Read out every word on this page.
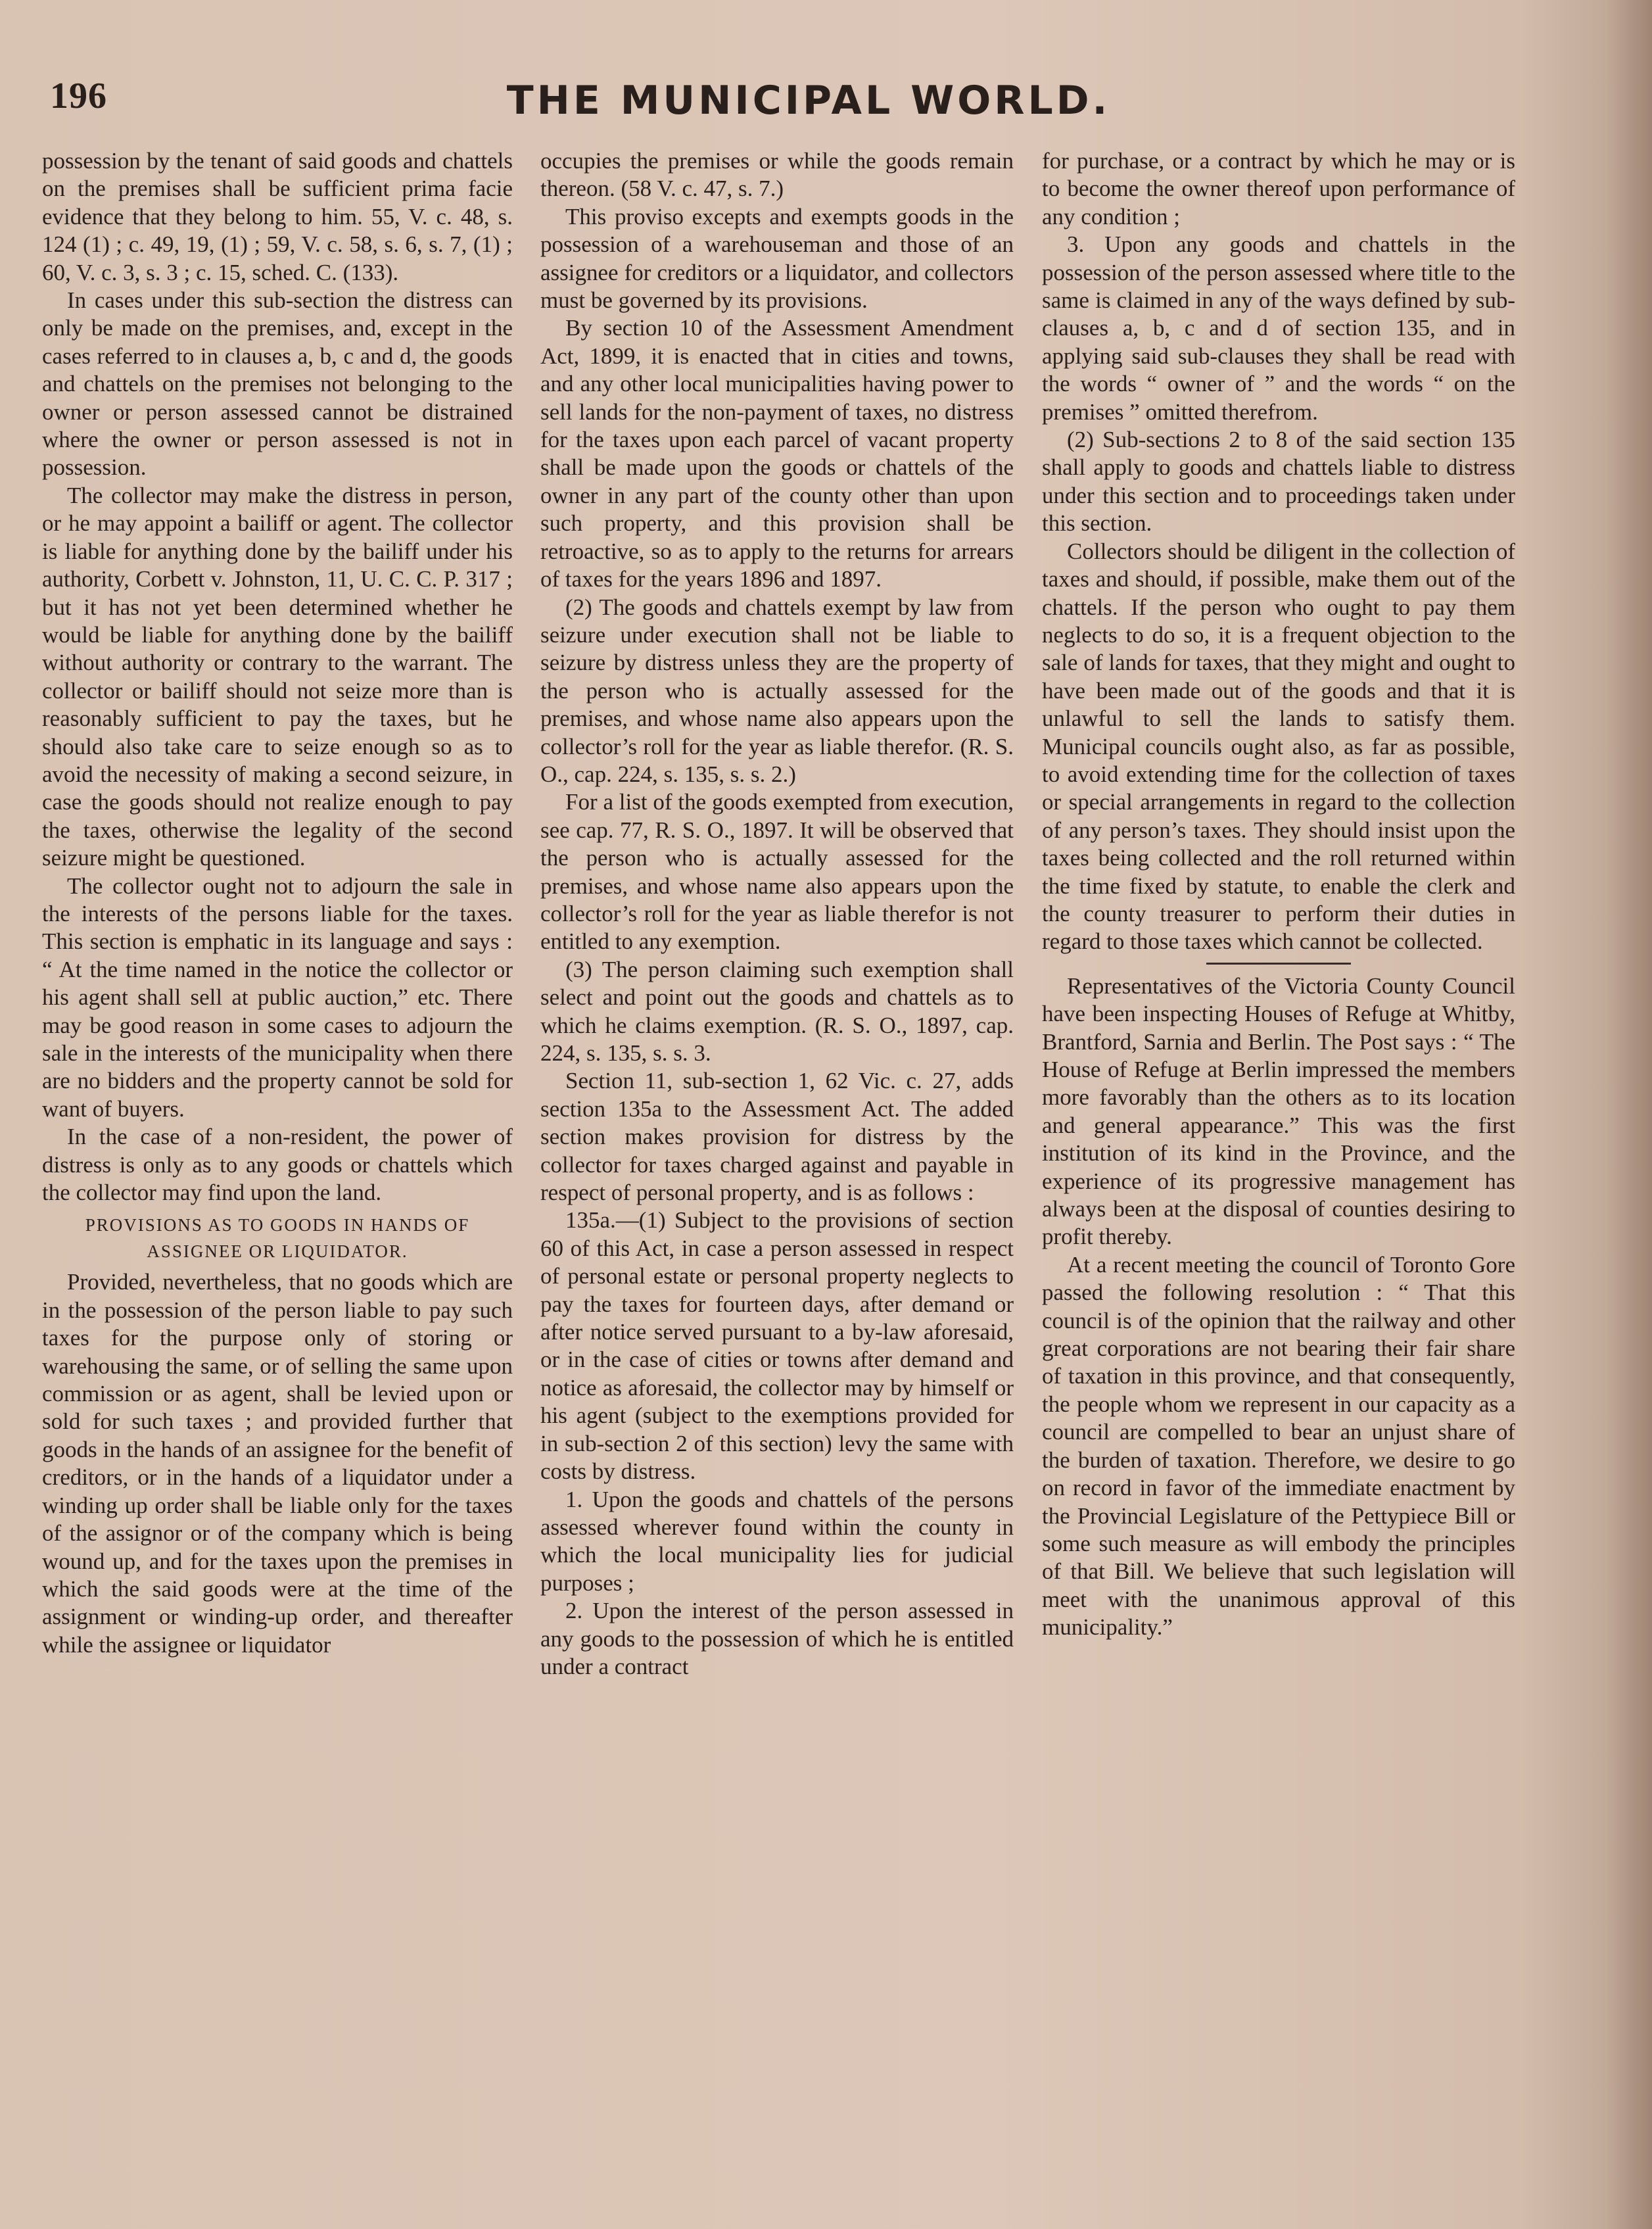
196	THE MUNICIPAL WORLD.

possession by the tenant of said goods and chattels on the premises shall be sufficient prima facie evidence that they belong to him. 55, V. c. 48, s. 124 (1) ; c. 49, 19, (1) ; 59, V. c. 58, s. 6, s. 7, (1) ; 60, V. c. 3, s. 3 ; c. 15, sched. C. (133).

In cases under this sub-section the distress can only be made on the premises, and, except in the cases referred to in clauses a, b, c and d, the goods and chattels on the premises not belonging to the owner or person assessed cannot be distrained where the owner or person assessed is not in possession.

The collector may make the distress in person, or he may appoint a bailiff or agent. The collector is liable for anything done by the bailiff under his authority, Corbett v. Johnston, 11, U. C. C. P. 317 ; but it has not yet been determined whether he would be liable for anything done by the bailiff without authority or contrary to the warrant. The collector or bailiff should not seize more than is reasonably sufficient to pay the taxes, but he should also take care to seize enough so as to avoid the necessity of making a second seizure, in case the goods should not realize enough to pay the taxes, otherwise the legality of the second seizure might be questioned.

The collector ought not to adjourn the sale in the interests of the persons liable for the taxes. This section is emphatic in its language and says : “ At the time named in the notice the collector or his agent shall sell at public auction,” etc. There may be good reason in some cases to adjourn the sale in the interests of the municipality when there are no bidders and the property cannot be sold for want of buyers.

In the case of a non-resident, the power of distress is only as to any goods or chattels which the collector may find upon the land.

PROVISIONS AS TO GOODS IN HANDS OF ASSIGNEE OR LIQUIDATOR.

Provided, nevertheless, that no goods which are in the possession of the person liable to pay such taxes for the purpose only of storing or warehousing the same, or of selling the same upon commission or as agent, shall be levied upon or sold for such taxes ; and provided further that goods in the hands of an assignee for the benefit of creditors, or in the hands of a liquidator under a winding up order shall be liable only for the taxes of the assignor or of the company which is being wound up, and for the taxes upon the premises in which the said goods were at the time of the assignment or winding-up order, and thereafter while the assignee or liquidator

occupies the premises or while the goods remain thereon. (58 V. c. 47, s. 7.)

This proviso excepts and exempts goods in the possession of a warehouseman and those of an assignee for creditors or a liquidator, and collectors must be governed by its provisions.

By section 10 of the Assessment Amendment Act, 1899, it is enacted that in cities and towns, and any other local municipalities having power to sell lands for the non-payment of taxes, no distress for the taxes upon each parcel of vacant property shall be made upon the goods or chattels of the owner in any part of the county other than upon such property, and this provision shall be retroactive, so as to apply to the returns for arrears of taxes for the years 1896 and 1897.

(2) The goods and chattels exempt by law from seizure under execution shall not be liable to seizure by distress unless they are the property of the person who is actually assessed for the premises, and whose name also appears upon the collector’s roll for the year as liable therefor. (R. S. O., cap. 224, s. 135, s. s. 2.)

For a list of the goods exempted from execution, see cap. 77, R. S. O., 1897. It will be observed that the person who is actually assessed for the premises, and whose name also appears upon the collector’s roll for the year as liable therefor is not entitled to any exemption.

(3) The person claiming such exemption shall select and point out the goods and chattels as to which he claims exemption. (R. S. O., 1897, cap. 224, s. 135, s. s. 3.

Section 11, sub-section 1, 62 Vic. c. 27, adds section 135a to the Assessment Act. The added section makes provision for distress by the collector for taxes charged against and payable in respect of personal property, and is as follows :

135a.—(1) Subject to the provisions of section 60 of this Act, in case a person assessed in respect of personal estate or personal property neglects to pay the taxes for fourteen days, after demand or after notice served pursuant to a by-law aforesaid, or in the case of cities or towns after demand and notice as aforesaid, the collector may by himself or his agent (subject to the exemptions provided for in sub-section 2 of this section) levy the same with costs by distress.

1. Upon the goods and chattels of the persons assessed wherever found within the county in which the local municipality lies for judicial purposes ;

2. Upon the interest of the person assessed in any goods to the possession of which he is entitled under a contract

for purchase, or a contract by which he may or is to become the owner thereof upon performance of any condition ;

3. Upon any goods and chattels in the possession of the person assessed where title to the same is claimed in any of the ways defined by sub-clauses a, b, c and d of section 135, and in applying said sub-clauses they shall be read with the words “ owner of ” and the words “ on the premises ” omitted therefrom.

(2) Sub-sections 2 to 8 of the said section 135 shall apply to goods and chattels liable to distress under this section and to proceedings taken under this section.

Collectors should be diligent in the collection of taxes and should, if possible, make them out of the chattels. If the person who ought to pay them neglects to do so, it is a frequent objection to the sale of lands for taxes, that they might and ought to have been made out of the goods and that it is unlawful to sell the lands to satisfy them. Municipal councils ought also, as far as possible, to avoid extending time for the collection of taxes or special arrangements in regard to the collection of any person’s taxes. They should insist upon the taxes being collected and the roll returned within the time fixed by statute, to enable the clerk and the county treasurer to perform their duties in regard to those taxes which cannot be collected.

Representatives of the Victoria County Council have been inspecting Houses of Refuge at Whitby, Brantford, Sarnia and Berlin. The Post says : “ The House of Refuge at Berlin impressed the members more favorably than the others as to its location and general appearance.” This was the first institution of its kind in the Province, and the experience of its progressive management has always been at the disposal of counties desiring to profit thereby.

At a recent meeting the council of Toronto Gore passed the following resolution : “ That this council is of the opinion that the railway and other great corporations are not bearing their fair share of taxation in this province, and that consequently, the people whom we represent in our capacity as a council are compelled to bear an unjust share of the burden of taxation. Therefore, we desire to go on record in favor of the immediate enactment by the Provincial Legislature of the Pettypiece Bill or some such measure as will embody the principles of that Bill. We believe that such legislation will meet with the unanimous approval of this municipality.”
